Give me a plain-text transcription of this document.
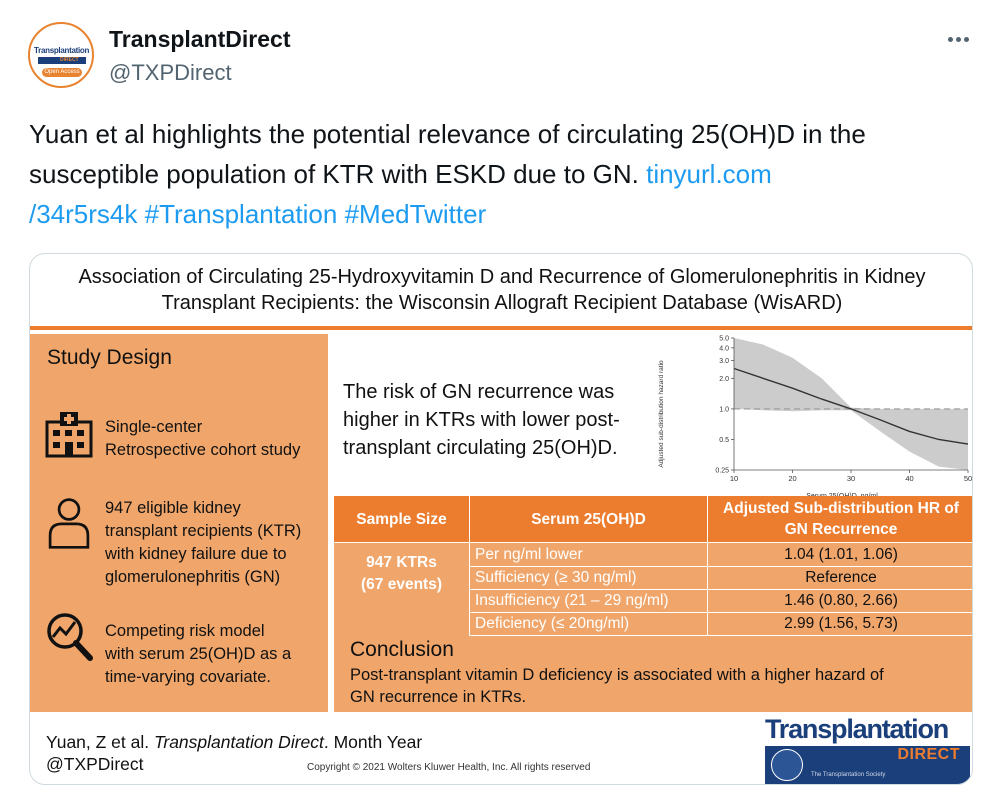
Transplantation
DIRECT
Open Access
TransplantDirect
@TXPDirect
Yuan et al highlights the potential relevance of circulating 25(OH)D in the susceptible population of KTR with ESKD due to GN. tinyurl.com
/34r5rs4k #Transplantation #MedTwitter
Association of Circulating 25-Hydroxyvitamin D and Recurrence of Glomerulonephritis in Kidney
Transplant Recipients: the Wisconsin Allograft Recipient Database (WisARD)
Study Design
Single-center
Retrospective cohort study
947 eligible kidney
transplant recipients (KTR)
with kidney failure due to
glomerulonephritis (GN)
Competing risk model
with serum 25(OH)D as a
time-varying covariate.
The risk of GN recurrence was
higher in KTRs with lower post-
transplant circulating 25(OH)D.
0.25
0.5
1.0
2.0
3.0
4.0
5.0
10	20	30	40	50
Adjusted sub-distribution hazard ratio
Sample Size	Serum 25(OH)D
Adjusted Sub-distribution HR of
GN Recurrence
947 KTRs
(67 events)
Per ng/ml lower	1.04 (1.01, 1.06)
Sufficiency (≥ 30 ng/ml)	Reference
Insufficiency (21 – 29 ng/ml)	1.46 (0.80, 2.66)
Deficiency (≤ 20ng/ml)	2.99 (1.56, 5.73)
Conclusion
Post-transplant vitamin D deficiency is associated with a higher hazard of
GN recurrence in KTRs.
Yuan, Z et al. Transplantation Direct. Month Year
@TXPDirect	Copyright © 2021 Wolters Kluwer Health, Inc. All rights reserved
Transplantation
DIRECT
The Transplantation Society
